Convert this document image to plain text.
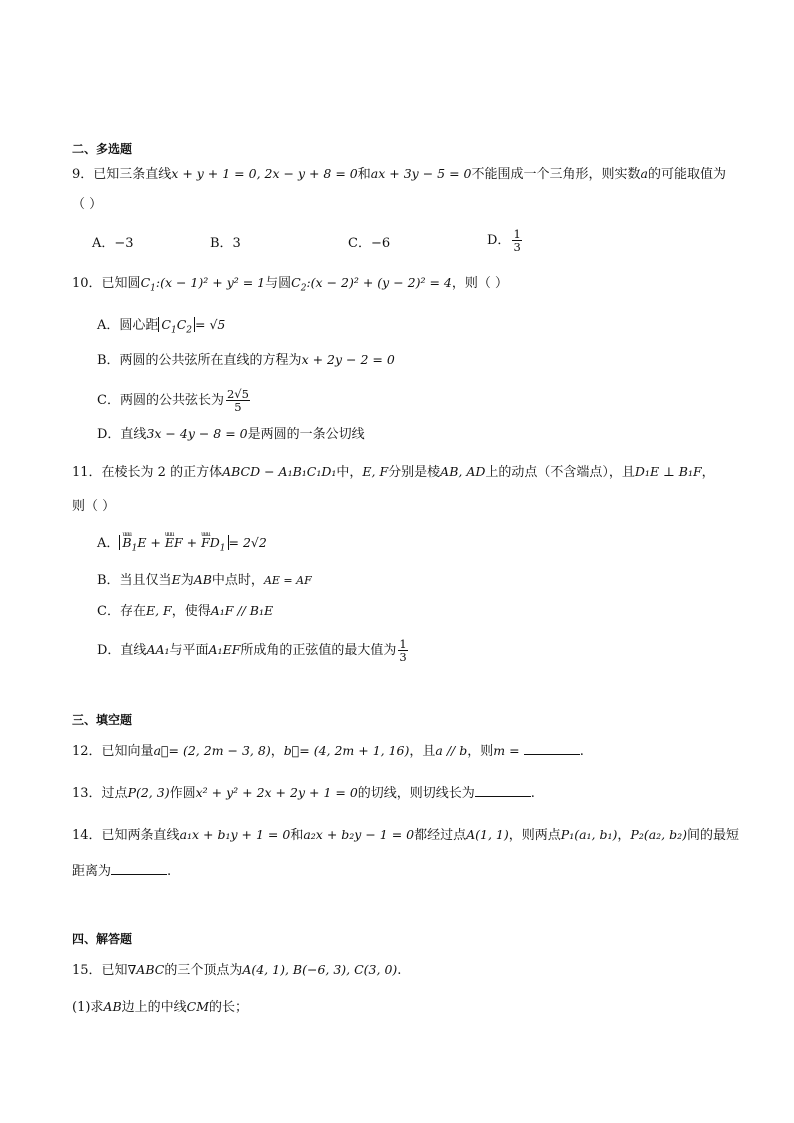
二、多选题
9．已知三条直线x + y + 1 = 0, 2x − y + 8 = 0和ax + 3y − 5 = 0不能围成一个三角形，则实数a的可能取值为
（ ）
A．−3	B．3	C．−6	D． $\frac{1}{3}$
10．已知圆$C_1:(x - 1)^2 + y^2 = 1$与圆$C_2:(x - 2)^2 + (y - 2)^2 = 4$，则（ ）
A．圆心距 $C_1C_2 = √5$
B．两圆的公共弦所在直线的方程为x + 2y − 2 = 0
C．两圆的公共弦长为 $\frac{2√5}{5}$
D．直线3x − 4y − 8 = 0是两圆的一条公切线
11．在棱长为 2 的正方体ABCD − A₁B₁C₁D₁中，E, F分别是棱AB, AD上的动点（不含端点），且D₁E ⊥ B₁F，
则（ ）
A．uuu $B_1E$ + uuu EF + uuu $FD_1 = 2√2$
B．当且仅当E为AB中点时，AE = AF
C．存在E, F，使得A₁F // B₁E
D．直线AA₁与平面A₁EF所成角的正弦值的最大值为 $\frac{1}{3}$
三、填空题
12．已知向量a⃗= (2, 2m − 3, 8)，b⃗= (4, 2m + 1, 16)，且a // b，则m =	.
13．过点P(2, 3)作圆x² + y² + 2x + 2y + 1 = 0的切线，则切线长为	.
14．已知两条直线a₁x + b₁y + 1 = 0和a₂x + b₂y − 1 = 0都经过点A(1, 1)，则两点P₁(a₁, b₁)，P₂(a₂, b₂)间的最短
距离为	.
四、解答题
15．已知∇ABC的三个顶点为A(4, 1), B(−6, 3), C(3, 0).
(1)求AB边上的中线CM的长；
